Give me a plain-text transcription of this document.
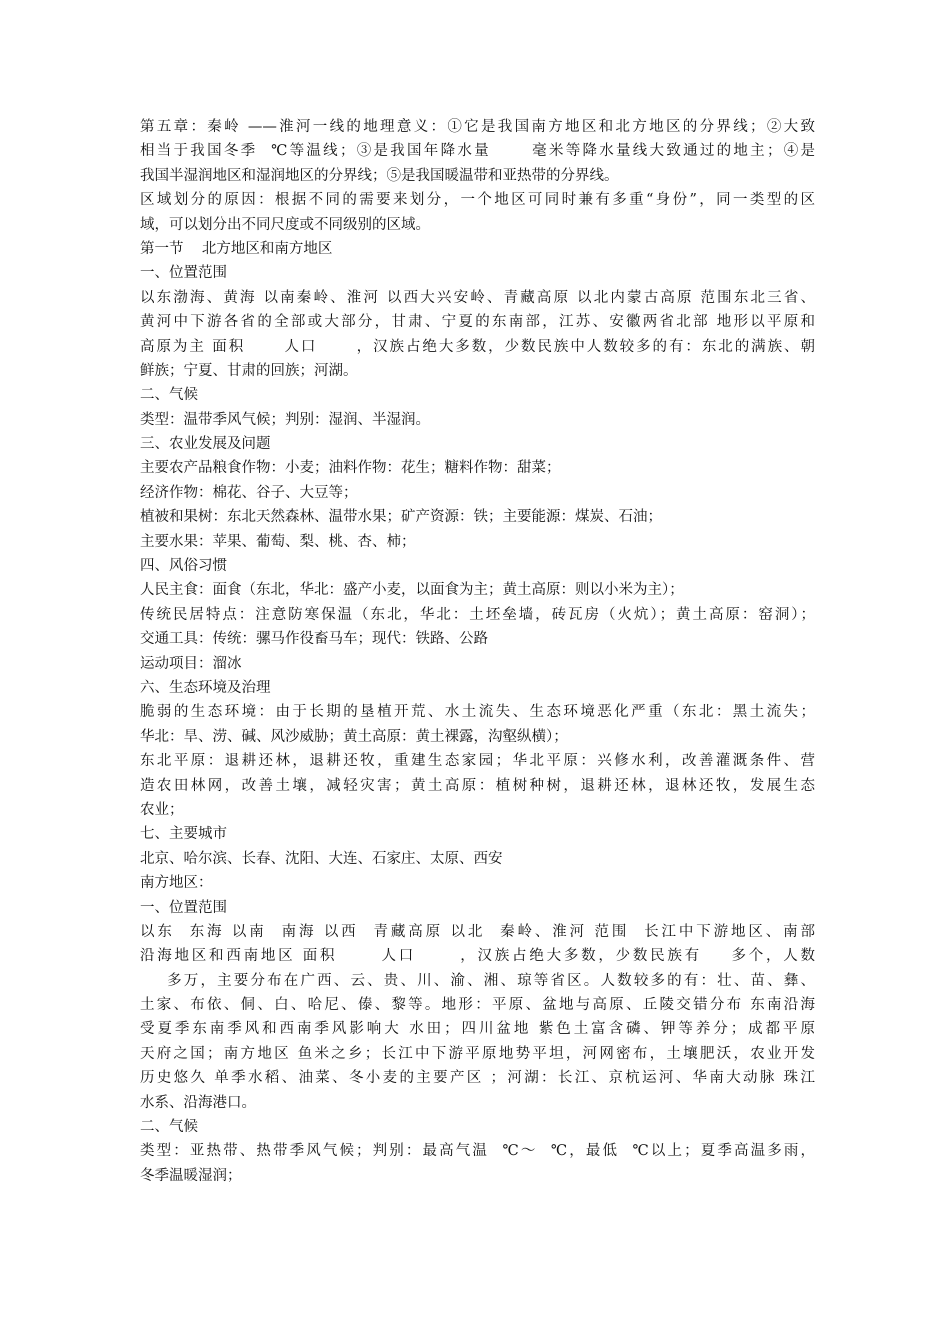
第五章：秦岭 ——淮河一线的地理意义：①它是我国南方地区和北方地区的分界线；②大致
相当于我国冬季  ℃等温线；③是我国年降水量      毫米等降水量线大致通过的地主；④是
我国半湿润地区和湿润地区的分界线；⑤是我国暖温带和亚热带的分界线。
区域划分的原因：根据不同的需要来划分，一个地区可同时兼有多重“身份”，同一类型的区
域，可以划分出不同尺度或不同级别的区域。
第一节    北方地区和南方地区
一、位置范围
以东渤海、黄海 以南秦岭、淮河 以西大兴安岭、青藏高原 以北内蒙古高原 范围东北三省、
黄河中下游各省的全部或大部分，甘肃、宁夏的东南部，江苏、安徽两省北部 地形以平原和
高原为主 面积      人口      ，汉族占绝大多数，少数民族中人数较多的有：东北的满族、朝
鲜族；宁夏、甘肃的回族；河湖。
二、气候
类型：温带季风气候；判别：湿润、半湿润。
三、农业发展及问题
主要农产品粮食作物：小麦；油料作物：花生；糖料作物：甜菜；
经济作物：棉花、谷子、大豆等；
植被和果树：东北天然森林、温带水果；矿产资源：铁；主要能源：煤炭、石油；
主要水果：苹果、葡萄、梨、桃、杏、柿；
四、风俗习惯
人民主食：面食（东北，华北：盛产小麦，以面食为主；黄土高原：则以小米为主）；
传统民居特点：注意防寒保温（东北，华北：土坯垒墙，砖瓦房（火炕）；黄土高原：窑洞）；
交通工具：传统：骡马作役畜马车；现代：铁路、公路
运动项目：溜冰
六、生态环境及治理
脆弱的生态环境：由于长期的垦植开荒、水土流失、生态环境恶化严重（东北：黑土流失；
华北：旱、涝、碱、风沙威胁；黄土高原：黄土裸露，沟壑纵横）；
东北平原：退耕还林，退耕还牧，重建生态家园；华北平原：兴修水利，改善灌溉条件、营
造农田林网，改善土壤，减轻灾害；黄土高原：植树种树，退耕还林，退林还牧，发展生态
农业；
七、主要城市
北京、哈尔滨、长春、沈阳、大连、石家庄、太原、西安
南方地区：
一、位置范围
以东  东海 以南  南海 以西  青藏高原 以北  秦岭、淮河 范围  长江中下游地区、南部
沿海地区和西南地区 面积      人口      ，汉族占绝大多数，少数民族有    多个，人数
多万，主要分布在广西、云、贵、川、渝、湘、琼等省区。人数较多的有：壮、苗、彝、
土家、布依、侗、白、哈尼、傣、黎等。地形：平原、盆地与高原、丘陵交错分布 东南沿海
受夏季东南季风和西南季风影响大 水田；四川盆地 紫色土富含磷、钾等养分；成都平原
天府之国；南方地区 鱼米之乡；长江中下游平原地势平坦，河网密布，土壤肥沃，农业开发
历史悠久 单季水稻、油菜、冬小麦的主要产区 ；河湖：长江、京杭运河、华南大动脉 珠江
水系、沿海港口。
二、气候
类型：亚热带、热带季风气候；判别：最高气温  ℃～  ℃，最低  ℃以上；夏季高温多雨，
冬季温暖湿润；
